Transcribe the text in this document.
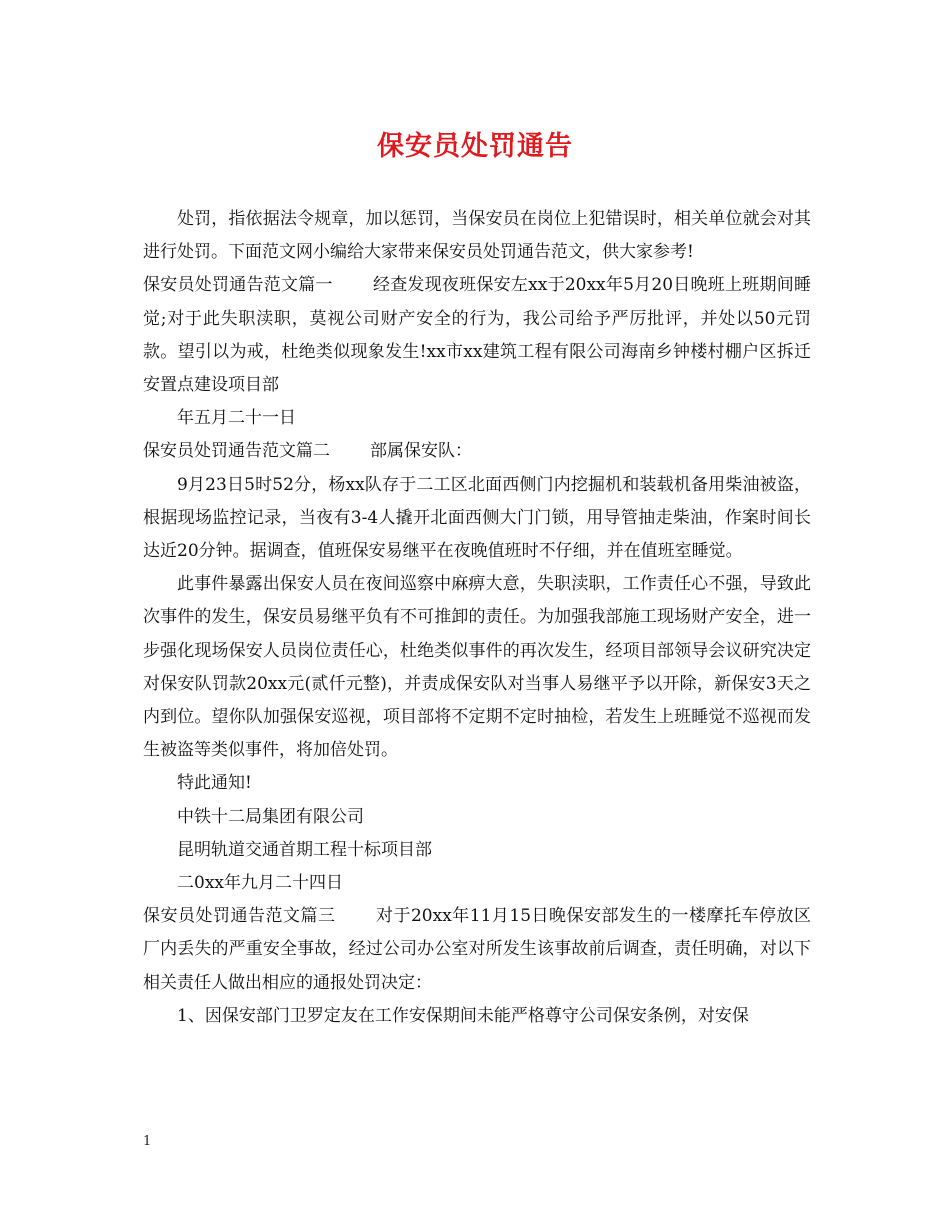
保安员处罚通告

处罚，指依据法令规章，加以惩罚，当保安员在岗位上犯错误时，相关单位就会对其进行处罚。下面范文网小编给大家带来保安员处罚通告范文，供大家参考!

保安员处罚通告范文篇一 经查发现夜班保安左xx于20xx年5月20日晚班上班期间睡觉;对于此失职渎职，莫视公司财产安全的行为，我公司给予严厉批评，并处以50元罚款。望引以为戒，杜绝类似现象发生!xx市xx建筑工程有限公司海南乡钟楼村棚户区拆迁安置点建设项目部

年五月二十一日

保安员处罚通告范文篇二 部属保安队：

9月23日5时52分，杨xx队存于二工区北面西侧门内挖掘机和装载机备用柴油被盗，根据现场监控记录，当夜有3-4人撬开北面西侧大门门锁，用导管抽走柴油，作案时间长达近20分钟。据调查，值班保安易继平在夜晚值班时不仔细，并在值班室睡觉。

此事件暴露出保安人员在夜间巡察中麻痹大意，失职渎职，工作责任心不强，导致此次事件的发生，保安员易继平负有不可推卸的责任。为加强我部施工现场财产安全，进一步强化现场保安人员岗位责任心，杜绝类似事件的再次发生，经项目部领导会议研究决定对保安队罚款20xx元(贰仟元整)，并责成保安队对当事人易继平予以开除，新保安3天之内到位。望你队加强保安巡视，项目部将不定期不定时抽检，若发生上班睡觉不巡视而发生被盗等类似事件，将加倍处罚。

特此通知!

中铁十二局集团有限公司

昆明轨道交通首期工程十标项目部

二0xx年九月二十四日

保安员处罚通告范文篇三 对于20xx年11月15日晚保安部发生的一楼摩托车停放区厂内丢失的严重安全事故，经过公司办公室对所发生该事故前后调查，责任明确，对以下相关责任人做出相应的通报处罚决定：

1、因保安部门卫罗定友在工作安保期间未能严格尊守公司保安条例，对安保

1
